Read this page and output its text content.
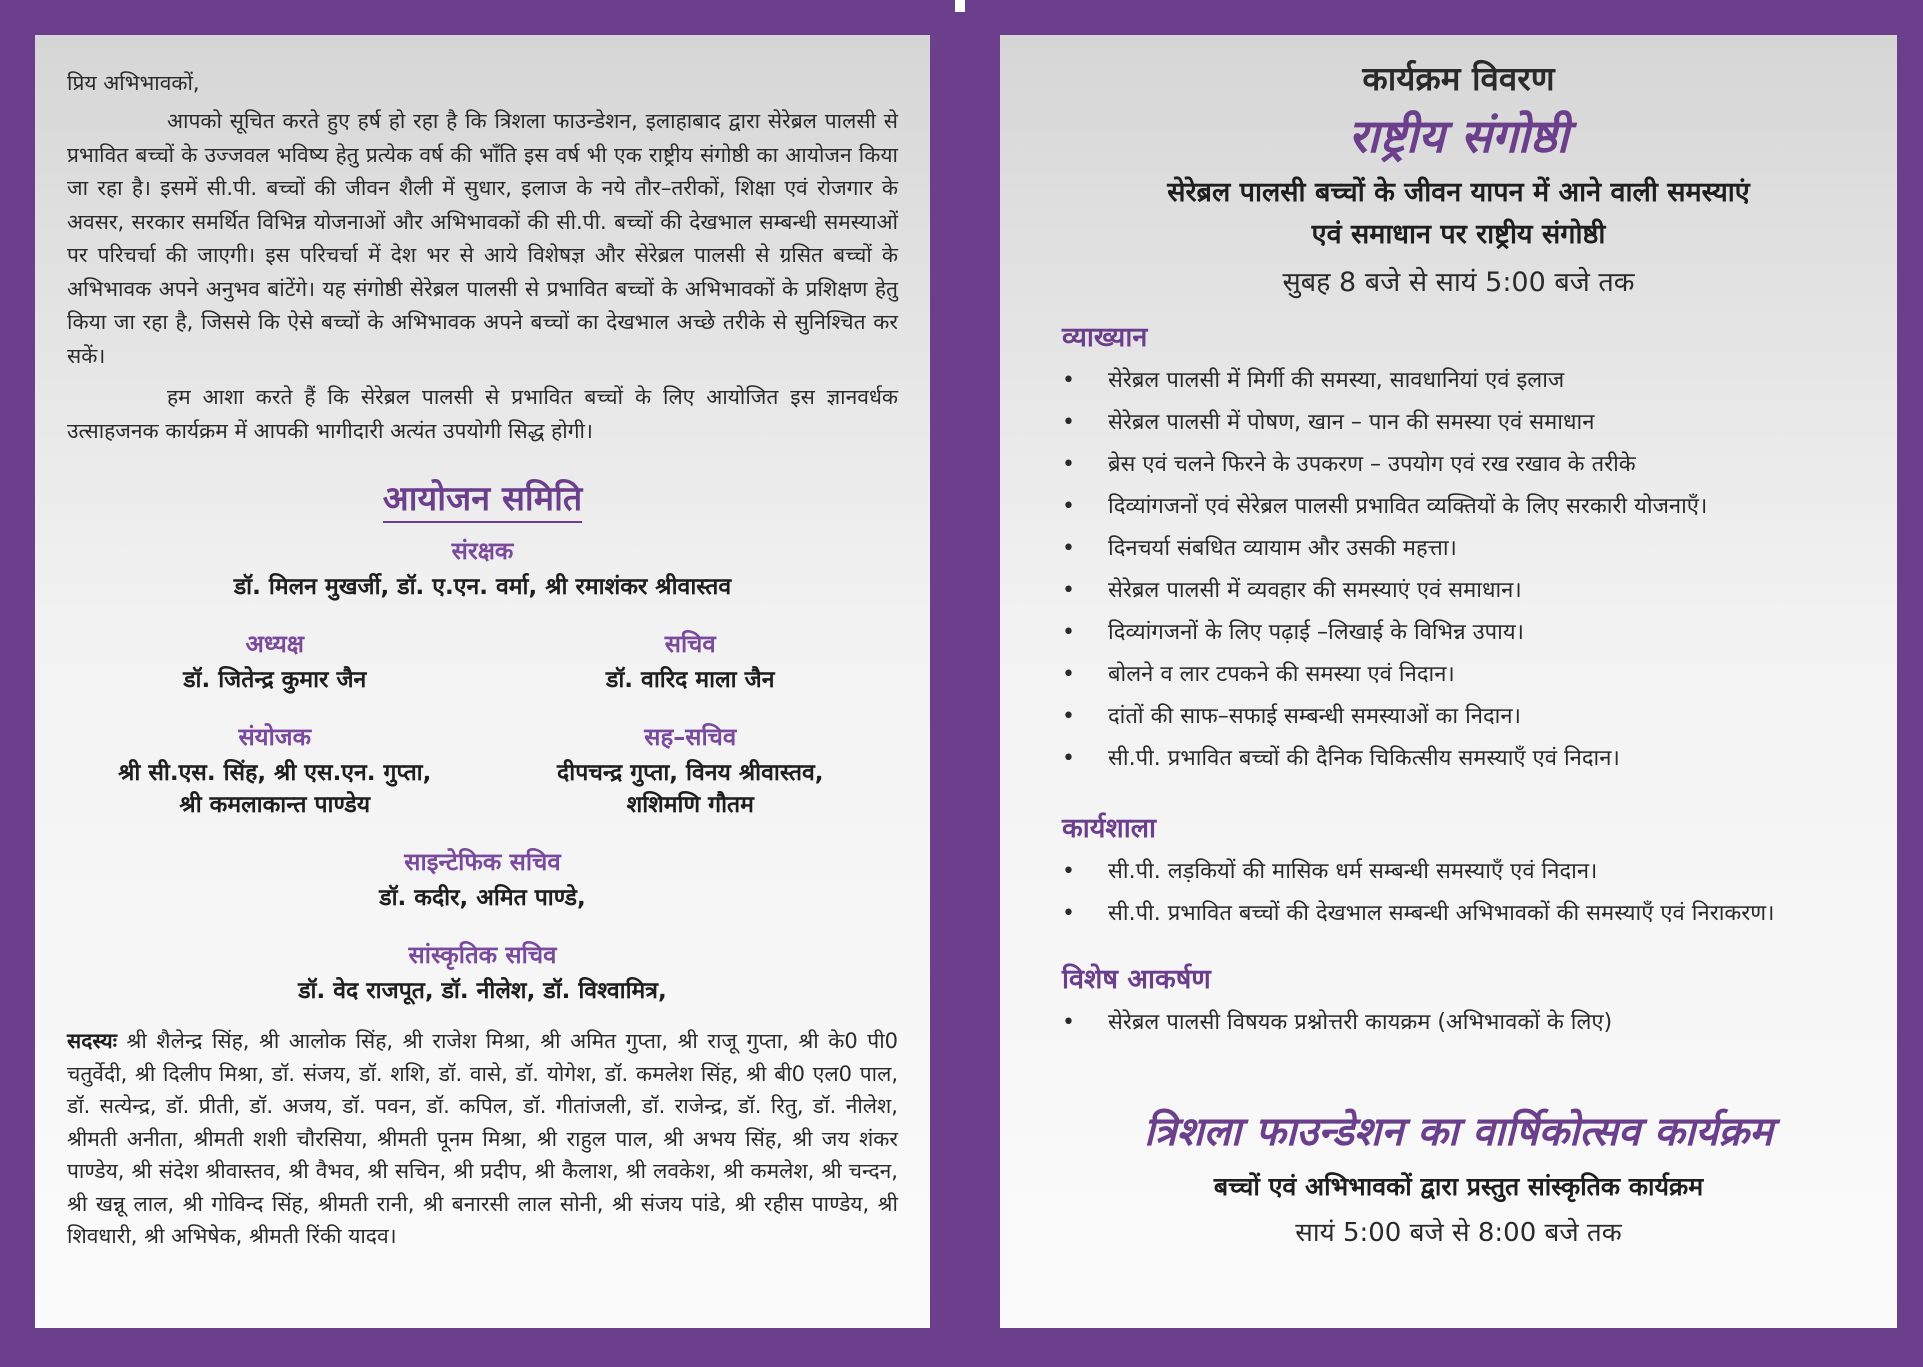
प्रिय अभिभावकों,

आपको सूचित करते हुए हर्ष हो रहा है कि त्रिशला फाउन्डेशन, इलाहाबाद द्वारा सेरेब्रल पालसी से प्रभावित बच्चों के उज्जवल भविष्य हेतु प्रत्येक वर्ष की भाँति इस वर्ष भी एक राष्ट्रीय संगोष्ठी का आयोजन किया जा रहा है। इसमें सी.पी. बच्चों की जीवन शैली में सुधार, इलाज के नये तौर–तरीकों, शिक्षा एवं रोजगार के अवसर, सरकार समर्थित विभिन्न योजनाओं और अभिभावकों की सी.पी. बच्चों की देखभाल सम्बन्धी समस्याओं पर परिचर्चा की जाएगी। इस परिचर्चा में देश भर से आये विशेषज्ञ और सेरेब्रल पालसी से ग्रसित बच्चों के अभिभावक अपने अनुभव बांटेंगे। यह संगोष्ठी सेरेब्रल पालसी से प्रभावित बच्चों के अभिभावकों के प्रशिक्षण हेतु किया जा रहा है, जिससे कि ऐसे बच्चों के अभिभावक अपने बच्चों का देखभाल अच्छे तरीके से सुनिश्चित कर सकें।

हम आशा करते हैं कि सेरेब्रल पालसी से प्रभावित बच्चों के लिए आयोजित इस ज्ञानवर्धक उत्साहजनक कार्यक्रम में आपकी भागीदारी अत्यंत उपयोगी सिद्ध होगी।

आयोजन समिति

संरक्षक

डॉ. मिलन मुखर्जी, डॉ. ए.एन. वर्मा, श्री रमाशंकर श्रीवास्तव

अध्यक्ष

डॉ. जितेन्द्र कुमार जैन

सचिव

डॉ. वारिद माला जैन

संयोजक

श्री सी.एस. सिंह, श्री एस.एन. गुप्ता,

श्री कमलाकान्त पाण्डेय

सह–सचिव

दीपचन्द्र गुप्ता, विनय श्रीवास्तव,

शशिमणि गौतम

साइन्टेफिक सचिव

डॉ. कदीर, अमित पाण्डे,

सांस्कृतिक सचिव

डॉ. वेद राजपूत, डॉ. नीलेश, डॉ. विश्वामित्र,

सदस्यः श्री शैलेन्द्र सिंह, श्री आलोक सिंह, श्री राजेश मिश्रा, श्री अमित गुप्ता, श्री राजू गुप्ता, श्री के0 पी0 चतुर्वेदी, श्री दिलीप मिश्रा, डॉ. संजय, डॉ. शशि, डॉ. वासे, डॉ. योगेश, डॉ. कमलेश सिंह, श्री बी0 एल0 पाल, डॉ. सत्येन्द्र, डॉ. प्रीती, डॉ. अजय, डॉ. पवन, डॉ. कपिल, डॉ. गीतांजली, डॉ. राजेन्द्र, डॉ. रितु, डॉ. नीलेश, श्रीमती अनीता, श्रीमती शशी चौरसिया, श्रीमती पूनम मिश्रा, श्री राहुल पाल, श्री अभय सिंह, श्री जय शंकर पाण्डेय, श्री संदेश श्रीवास्तव, श्री वैभव, श्री सचिन, श्री प्रदीप, श्री कैलाश, श्री लवकेश, श्री कमलेश, श्री चन्दन, श्री खन्नू लाल, श्री गोविन्द सिंह, श्रीमती रानी, श्री बनारसी लाल सोनी, श्री संजय पांडे, श्री रहीस पाण्डेय, श्री शिवधारी, श्री अभिषेक, श्रीमती रिंकी यादव।

कार्यक्रम विवरण

राष्ट्रीय संगोष्ठी

सेरेब्रल पालसी बच्चों के जीवन यापन में आने वाली समस्याएं

एवं समाधान पर राष्ट्रीय संगोष्ठी

सुबह 8 बजे से सायं 5:00 बजे तक

व्याख्यान

• सेरेब्रल पालसी में मिर्गी की समस्या, सावधानियां एवं इलाज
• सेरेब्रल पालसी में पोषण, खान – पान की समस्या एवं समाधान
• ब्रेस एवं चलने फिरने के उपकरण – उपयोग एवं रख रखाव के तरीके
• दिव्यांगजनों एवं सेरेब्रल पालसी प्रभावित व्यक्तियों के लिए सरकारी योजनाएँ।
• दिनचर्या संबधित व्यायाम और उसकी महत्ता।
• सेरेब्रल पालसी में व्यवहार की समस्याएं एवं समाधान।
• दिव्यांगजनों के लिए पढ़ाई –लिखाई के विभिन्न उपाय।
• बोलने व लार टपकने की समस्या एवं निदान।
• दांतों की साफ–सफाई सम्बन्धी समस्याओं का निदान।
• सी.पी. प्रभावित बच्चों की दैनिक चिकित्सीय समस्याएँ एवं निदान।

कार्यशाला

• सी.पी. लड़कियों की मासिक धर्म सम्बन्धी समस्याएँ एवं निदान।
• सी.पी. प्रभावित बच्चों की देखभाल सम्बन्धी अभिभावकों की समस्याएँ एवं निराकरण।

विशेष आकर्षण

• सेरेब्रल पालसी विषयक प्रश्नोत्तरी कायक्रम (अभिभावकों के लिए)

त्रिशला फाउन्डेशन का वार्षिकोत्सव कार्यक्रम

बच्चों एवं अभिभावकों द्वारा प्रस्तुत सांस्कृतिक कार्यक्रम

सायं 5:00 बजे से 8:00 बजे तक
